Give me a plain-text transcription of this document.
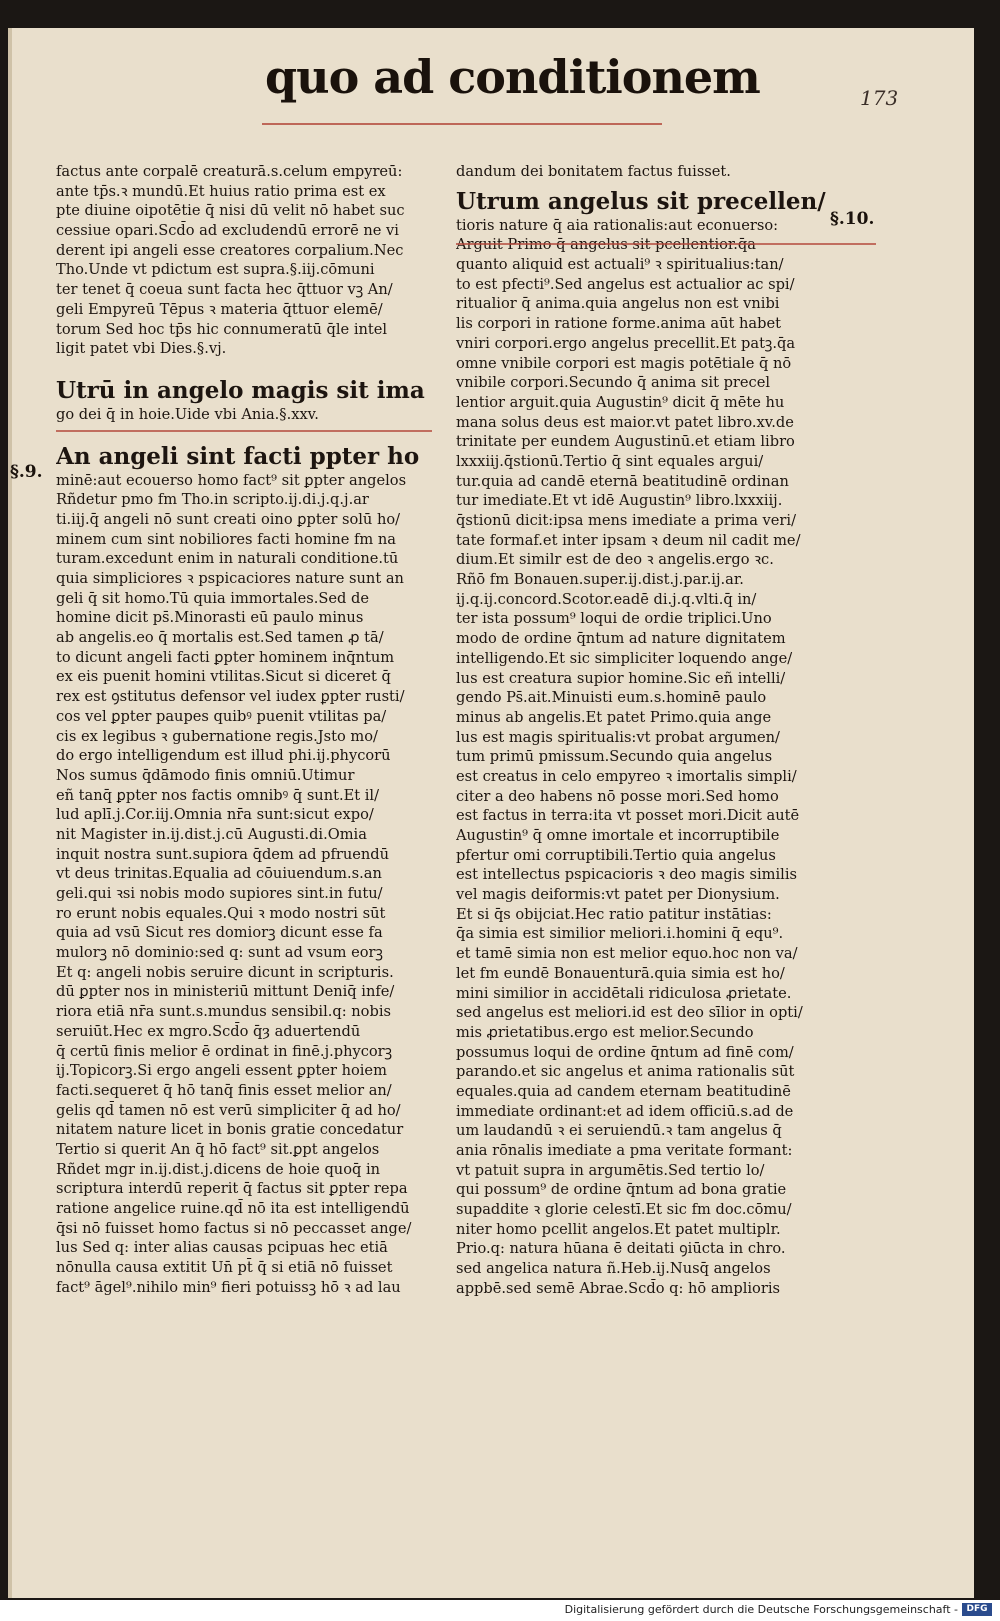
quo ad conditionem	173
§.9.
§.10.
factus ante corpalē creaturā.s.celum empyreū:
ante tp̄s.ꝛ mundū.Et huius ratio prima est ex
pte diuine oipotētie q̄ nisi dū velit nō habet suc
cessiue opari.Scd̄o ad excludendū errorē ne vi
derent ipi angeli esse creatores corpalium.Nec
Tho.Unde vt pdictum est supra.§.iij.cōmuni
ter tenet q̄ coeua sunt facta hec q̄ttuor vꝫ An/
geli Empyreū Tēpus ꝛ materia q̄ttuor elemē/
torum Sed hoc tp̄s hic connumeratū q̄le intel
ligit patet vbi Dies.§.vj.
Utrū in angelo magis sit ima
go dei q̄ in hoie.Uide vbi Ania.§.xxv.
An angeli sint facti ppter ho
minē:aut ecouerso homo fact⁹ sit ꝑpter angelos
Rñdetur pmo fm Tho.in scripto.ij.di.j.q.j.ar
ti.iij.q̄ angeli nō sunt creati oino ꝑpter solū ho/
minem cum sint nobiliores facti homine fm na
turam.excedunt enim in naturali conditione.tū
quia simpliciores ꝛ pspicaciores nature sunt an
geli q̄ sit homo.Tū quia immortales.Sed de
homine dicit ps̄.Minorasti eū paulo minus
ab angelis.eo q̄ mortalis est.Sed tamen ꝓ tā/
to dicunt angeli facti ꝑpter hominem inq̄ntum
ex eis puenit homini vtilitas.Sicut si diceret q̄
rex est ꝯstitutus defensor vel iudex ꝑpter rusti/
cos vel ꝑpter paupes quibꝰ puenit vtilitas pa/
cis ex legibus ꝛ gubernatione regis.Jsto mo/
do ergo intelligendum est illud phi.ij.phycorū
Nos sumus q̄dāmodo finis omniū.Utimur
eñ tanq̄ ꝑpter nos factis omnibꝰ q̄ sunt.Et il/
lud aplī.j.Cor.iij.Omnia nr̄a sunt:sicut expo/
nit Magister in.ij.dist.j.cū Augusti.di.Omia
inquit nostra sunt.supiora q̄dem ad pfruendū
vt deus trinitas.Equalia ad cōuiuendum.s.an
geli.qui ꝛsi nobis modo supiores sint.in futu/
ro erunt nobis equales.Qui ꝛ modo nostri sūt
quia ad vsū Sicut res domiorꝫ dicunt esse fa
mulorꝫ nō dominio:sed q: sunt ad vsum eorꝫ
Et q: angeli nobis seruire dicunt in scripturis.
dū ꝑpter nos in ministeriū mittunt Deniq̄ infe/
riora etiā nr̄a sunt.s.mundus sensibil.q: nobis
seruiūt.Hec ex mgro.Scd̄o q̄ȝ aduertendū
q̄ certū finis melior ē ordinat in finē.j.phycorꝫ
ij.Topicorꝫ.Si ergo angeli essent ꝑpter hoiem
facti.sequeret q̄ hō tanq̄ finis esset melior an/
gelis qd̄ tamen nō est verū simpliciter q̄ ad ho/
nitatem nature licet in bonis gratie concedatur
Tertio si querit An q̄ hō fact⁹ sit.ꝑpt angelos
Rñdet mgr in.ij.dist.j.dicens de hoie quoq̄ in
scriptura interdū reperit q̄ factus sit ꝑpter repa
ratione angelice ruine.qd̄ nō ita est intelligendū
q̄si nō fuisset homo factus si nō peccasset ange/
lus Sed q: inter alias causas pcipuas hec etiā
nōnulla causa extitit Un̄ pt̄ q̄ si etiā nō fuisset
fact⁹ āgel⁹.nihilo min⁹ fieri potuissꝫ hō ꝛ ad lau
dandum dei bonitatem factus fuisset.
Utrum angelus sit precellen/
tioris nature q̄ aia rationalis:aut econuerso:
quanto aliquid est actuali⁹ ꝛ spiritualius:tan/
to est pfecti⁹.Sed angelus est actualior ac spi/
ritualior q̄ anima.quia angelus non est vnibi
lis corpori in ratione forme.anima aūt habet
vniri corpori.ergo angelus precellit.Et patꝫ.q̄a
omne vnibile corpori est magis potētiale q̄ nō
vnibile corpori.Secundo q̄ anima sit precel
lentior arguit.quia Augustin⁹ dicit q̄ mēte hu
mana solus deus est maior.vt patet libro.xv.de
trinitate per eundem Augustinū.et etiam libro
lxxxiij.q̄stionū.Tertio q̄ sint equales argui/
tur.quia ad candē eternā beatitudinē ordinan
tur imediate.Et vt idē Augustin⁹ libro.lxxxiij.
q̄stionū dicit:ipsa mens imediate a prima veri/
tate formaf.et inter ipsam ꝛ deum nil cadit me/
dium.Et similr est de deo ꝛ angelis.ergo ꝛc.
Rñō fm Bonauen.super.ij.dist.j.par.ij.ar.
ij.q.ij.concord.Scotor.eadē di.j.q.vlti.q̄ in/
ter ista possum⁹ loqui de ordie triplici.Uno
modo de ordine q̄ntum ad nature dignitatem
intelligendo.Et sic simpliciter loquendo ange/
lus est creatura supior homine.Sic eñ intelli/
gendo Ps̄.ait.Minuisti eum.s.hominē paulo
minus ab angelis.Et patet Primo.quia ange
lus est magis spiritualis:vt probat argumen/
tum primū pmissum.Secundo quia angelus
est creatus in celo empyreo ꝛ imortalis simpli/
citer a deo habens nō posse mori.Sed homo
est factus in terra:ita vt posset mori.Dicit autē
Augustin⁹ q̄ omne imortale et incorruptibile
pfertur omi corruptibili.Tertio quia angelus
est intellectus pspicacioris ꝛ deo magis similis
vel magis deiformis:vt patet per Dionysium.
Et si q̄s obijciat.Hec ratio patitur instātias:
q̄a simia est similior meliori.i.homini q̄ equ⁹.
et tamē simia non est melior equo.hoc non va/
let fm eundē Bonauenturā.quia simia est ho/
mini similior in accidētali ridiculosa ꝓrietate.
sed angelus est meliori.id est deo sīlior in opti/
mis ꝓrietatibus.ergo est melior.Secundo
possumus loqui de ordine q̄ntum ad finē com/
parando.et sic angelus et anima rationalis sūt
equales.quia ad candem eternam beatitudinē
immediate ordinant:et ad idem officiū.s.ad de
um laudandū ꝛ ei seruiendū.ꝛ tam angelus q̄
ania rōnalis imediate a pma veritate formant:
vt patuit supra in argumētis.Sed tertio lo/
qui possum⁹ de ordine q̄ntum ad bona gratie
supaddite ꝛ glorie celestī.Et sic fm doc.cōmu/
niter homo pcellit angelos.Et patet multiplr.
Prio.q: natura hūana ē deitati ꝯiūcta in chro.
sed angelica natura ñ.Heb.ij.Nusq̄ angelos
appbē.sed semē Abrae.Scd̄o q: hō amplioris
Digitalisierung gefördert durch die Deutsche Forschungsgemeinschaft - DFG
